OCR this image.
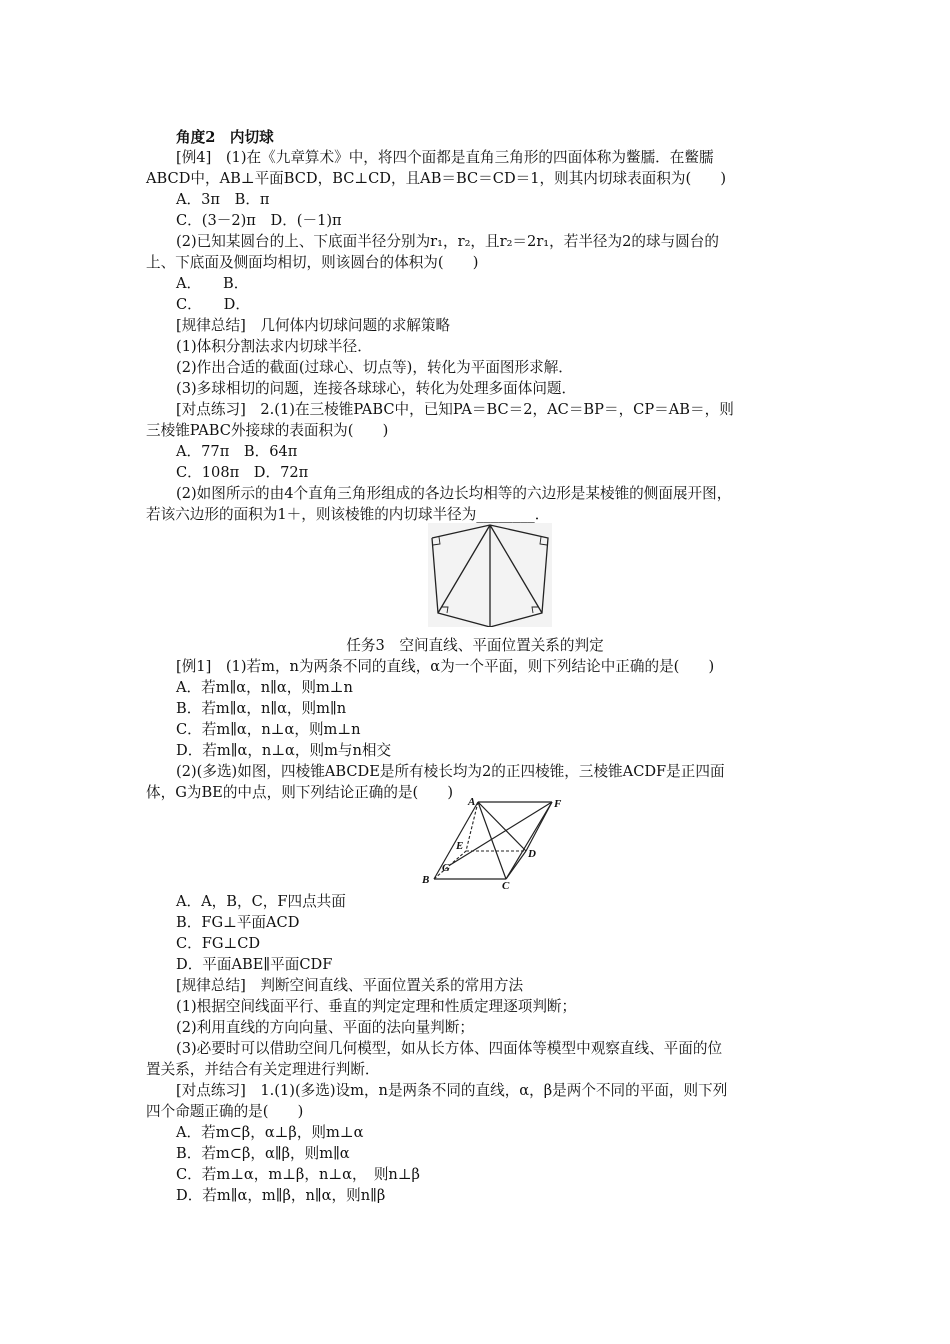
角度2　内切球
[例4]　(1)在《九章算术》中，将四个面都是直角三角形的四面体称为鳖臑．在鳖臑
ABCD中，AB⊥平面BCD，BC⊥CD，且AB＝BC＝CD＝1，则其内切球表面积为(　　)
A．3π　B．π
C．(3－2)π　D．(－1)π
(2)已知某圆台的上、下底面半径分别为r₁，r₂，且r₂＝2r₁，若半径为2的球与圆台的
上、下底面及侧面均相切，则该圆台的体积为(　　)
A．　　B．
C．　　D．
[规律总结]　几何体内切球问题的求解策略
(1)体积分割法求内切球半径．
(2)作出合适的截面(过球心、切点等)，转化为平面图形求解．
(3)多球相切的问题，连接各球球心，转化为处理多面体问题．
[对点练习]　2.(1)在三棱锥PABC中，已知PA＝BC＝2，AC＝BP＝，CP＝AB＝，则
三棱锥PABC外接球的表面积为(　　)
A．77π　B．64π
C．108π　D．72π
(2)如图所示的由4个直角三角形组成的各边长均相等的六边形是某棱锥的侧面展开图，
若该六边形的面积为1＋，则该棱锥的内切球半径为________．
任务3　空间直线、平面位置关系的判定
[例1]　(1)若m，n为两条不同的直线，α为一个平面，则下列结论中正确的是(　　)
A．若m∥α，n∥α，则m⊥n
B．若m∥α，n∥α，则m∥n
C．若m∥α，n⊥α，则m⊥n
D．若m∥α，n⊥α，则m与n相交
(2)(多选)如图，四棱锥ABCDE是所有棱长均为2的正四棱锥，三棱锥ACDF是正四面
体，G为BE的中点，则下列结论正确的是(　　)
A．A，B，C，F四点共面
B．FG⊥平面ACD
C．FG⊥CD
D．平面ABE∥平面CDF
[规律总结]　判断空间直线、平面位置关系的常用方法
(1)根据空间线面平行、垂直的判定定理和性质定理逐项判断；
(2)利用直线的方向向量、平面的法向量判断；
(3)必要时可以借助空间几何模型，如从长方体、四面体等模型中观察直线、平面的位
置关系，并结合有关定理进行判断．
[对点练习]　1.(1)(多选)设m，n是两条不同的直线，α，β是两个不同的平面，则下列
四个命题正确的是(　　)
A．若m⊂β，α⊥β，则m⊥α
B．若m⊂β，α∥β，则m∥α
C．若m⊥α，m⊥β，n⊥α，　则n⊥β
D．若m∥α，m∥β，n∥α，则n∥β
A	F
E
D
B
G
C
